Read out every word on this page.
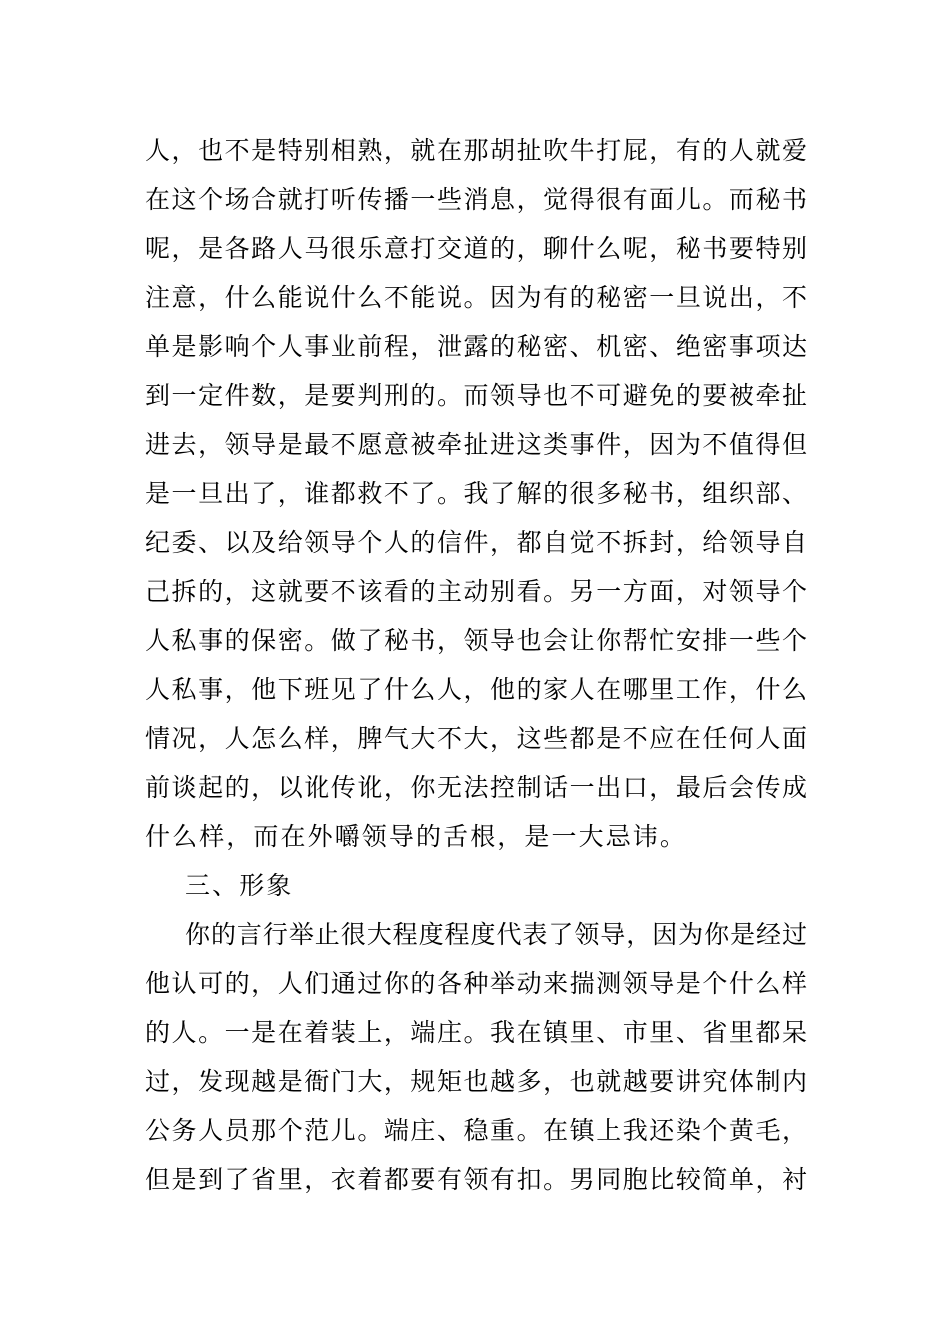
人，也不是特别相熟，就在那胡扯吹牛打屁，有的人就爱
在这个场合就打听传播一些消息，觉得很有面儿。而秘书
呢，是各路人马很乐意打交道的，聊什么呢，秘书要特别
注意，什么能说什么不能说。因为有的秘密一旦说出，不
单是影响个人事业前程，泄露的秘密、机密、绝密事项达
到一定件数，是要判刑的。而领导也不可避免的要被牵扯
进去，领导是最不愿意被牵扯进这类事件，因为不值得但
是一旦出了，谁都救不了。我了解的很多秘书，组织部、
纪委、以及给领导个人的信件，都自觉不拆封，给领导自
己拆的，这就要不该看的主动别看。另一方面，对领导个
人私事的保密。做了秘书，领导也会让你帮忙安排一些个
人私事，他下班见了什么人，他的家人在哪里工作，什么
情况，人怎么样，脾气大不大，这些都是不应在任何人面
前谈起的，以讹传讹，你无法控制话一出口，最后会传成
什么样，而在外嚼领导的舌根，是一大忌讳。
三、形象
你的言行举止很大程度程度代表了领导，因为你是经过
他认可的，人们通过你的各种举动来揣测领导是个什么样
的人。一是在着装上，端庄。我在镇里、市里、省里都呆
过，发现越是衙门大，规矩也越多，也就越要讲究体制内
公务人员那个范儿。端庄、稳重。在镇上我还染个黄毛，
但是到了省里，衣着都要有领有扣。男同胞比较简单，衬
